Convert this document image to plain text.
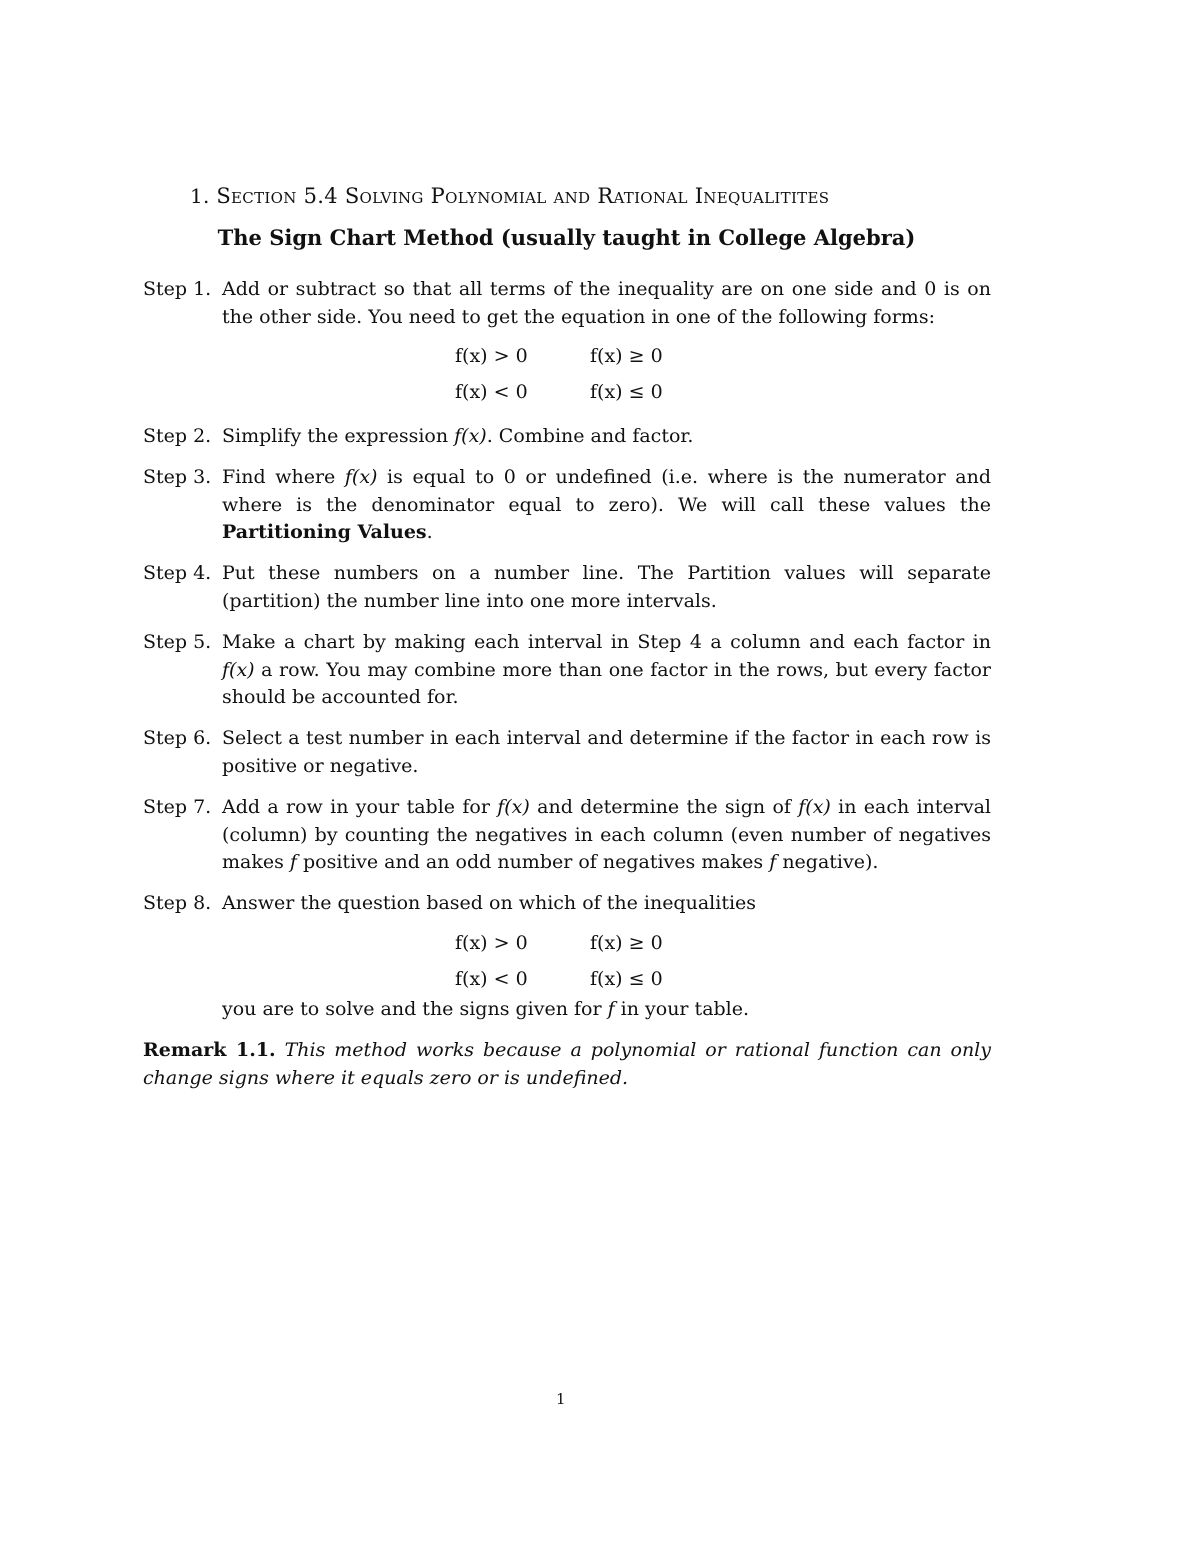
1. Section 5.4 Solving Polynomial and Rational Inequalitites
The Sign Chart Method (usually taught in College Algebra)
Step 1. Add or subtract so that all terms of the inequality are on one side and 0 is on the other side. You need to get the equation in one of the following forms:
f(x) > 0	f(x) ≥ 0
f(x) < 0	f(x) ≤ 0
Step 2. Simplify the expression f(x). Combine and factor.
Step 3. Find where f(x) is equal to 0 or undefined (i.e. where is the numerator and where is the denominator equal to zero). We will call these values the Partitioning Values.
Step 4. Put these numbers on a number line. The Partition values will separate (partition) the number line into one more intervals.
Step 5. Make a chart by making each interval in Step 4 a column and each factor in f(x) a row. You may combine more than one factor in the rows, but every factor should be accounted for.
Step 6. Select a test number in each interval and determine if the factor in each row is positive or negative.
Step 7. Add a row in your table for f(x) and determine the sign of f(x) in each interval (column) by counting the negatives in each column (even number of negatives makes f positive and an odd number of negatives makes f negative).
Step 8. Answer the question based on which of the inequalities
f(x) > 0	f(x) ≥ 0
f(x) < 0	f(x) ≤ 0
you are to solve and the signs given for f in your table.
Remark 1.1. This method works because a polynomial or rational function can only change signs where it equals zero or is undefined.
1
